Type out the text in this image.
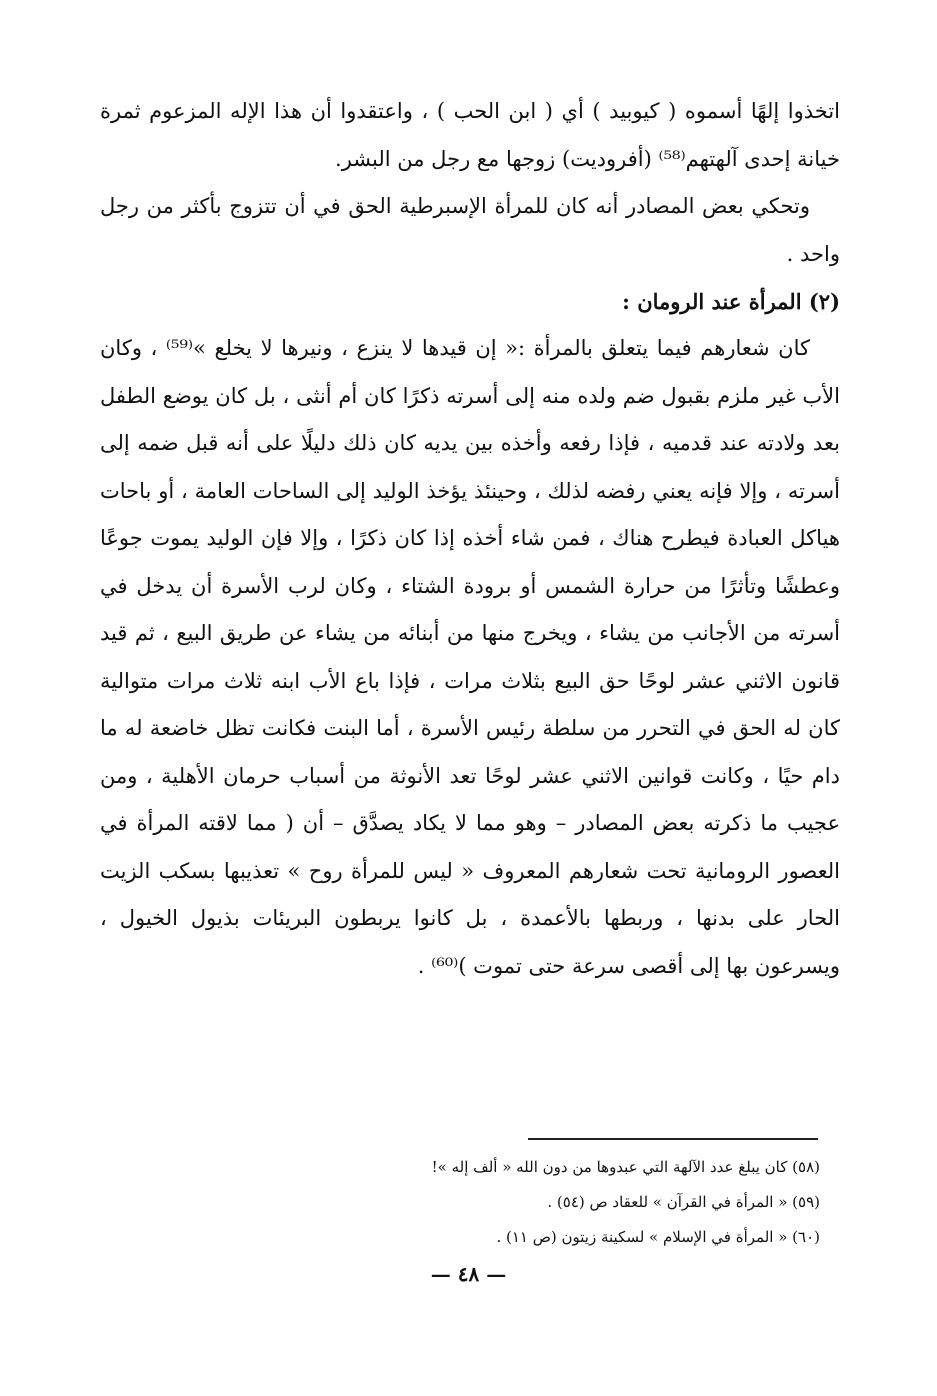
اتخذوا إلهًا أسموه ( كيوبيد ) أي ( ابن الحب ) ، واعتقدوا أن هذا الإله المزعوم ثمرة خيانة إحدى آلهتهم⁽⁵⁸⁾ (أفروديت) زوجها مع رجل من البشر.

وتحكي بعض المصادر أنه كان للمرأة الإسبرطية الحق في أن تتزوج بأكثر من رجل واحد .

(٢) المرأة عند الرومان :

كان شعارهم فيما يتعلق بالمرأة :« إن قيدها لا ينزع ، ونيرها لا يخلع »⁽⁵⁹⁾ ، وكان الأب غير ملزم بقبول ضم ولده منه إلى أسرته ذكرًا كان أم أنثى ، بل كان يوضع الطفل بعد ولادته عند قدميه ، فإذا رفعه وأخذه بين يديه كان ذلك دليلًا على أنه قبل ضمه إلى أسرته ، وإلا فإنه يعني رفضه لذلك ، وحينئذ يؤخذ الوليد إلى الساحات العامة ، أو باحات هياكل العبادة فيطرح هناك ، فمن شاء أخذه إذا كان ذكرًا ، وإلا فإن الوليد يموت جوعًا وعطشًا وتأثرًا من حرارة الشمس أو برودة الشتاء ، وكان لرب الأسرة أن يدخل في أسرته من الأجانب من يشاء ، ويخرج منها من أبنائه من يشاء عن طريق البيع ، ثم قيد قانون الاثني عشر لوحًا حق البيع بثلاث مرات ، فإذا باع الأب ابنه ثلاث مرات متوالية كان له الحق في التحرر من سلطة رئيس الأسرة ، أما البنت فكانت تظل خاضعة له ما دام حيًا ، وكانت قوانين الاثني عشر لوحًا تعد الأنوثة من أسباب حرمان الأهلية ، ومن عجيب ما ذكرته بعض المصادر – وهو مما لا يكاد يصدَّق – أن ( مما لاقته المرأة في العصور الرومانية تحت شعارهم المعروف « ليس للمرأة روح » تعذيبها بسكب الزيت الحار على بدنها ، وربطها بالأعمدة ، بل كانوا يربطون البريئات بذيول الخيول ، ويسرعون بها إلى أقصى سرعة حتى تموت )⁽⁶⁰⁾ .

(٥٨) كان يبلغ عدد الآلهة التي عبدوها من دون الله « ألف إله »!

(٥٩) « المرأة في القرآن » للعقاد ص (٥٤) .

(٦٠) « المرأة في الإسلام » لسكينة زيتون (ص ١١) .

— ٤٨ —
